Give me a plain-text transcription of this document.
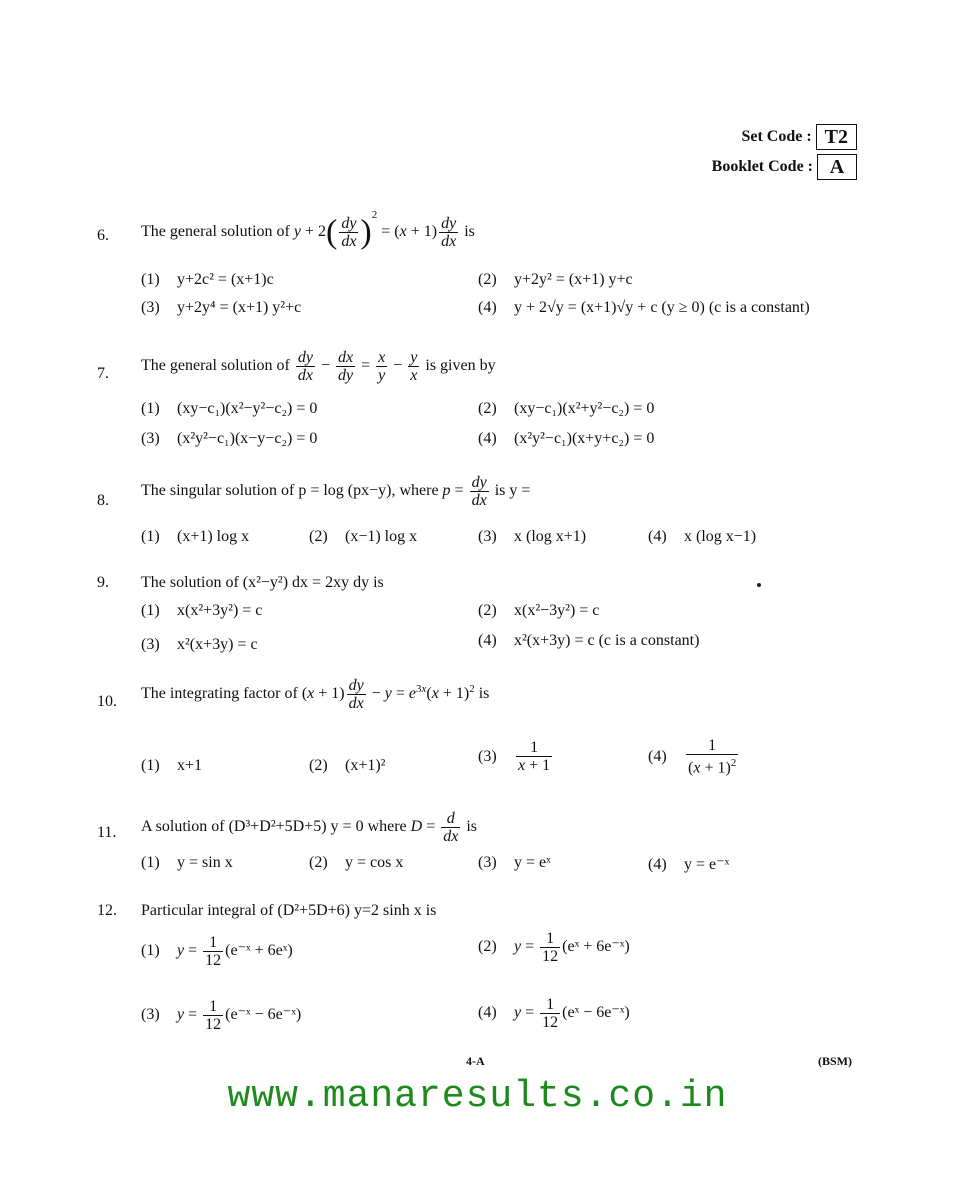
Set Code : T2
Booklet Code : A
6.	The general solution of $y + 2( \frac{dy}{dx} )^2 = (x + 1) \frac{dy}{dx}$ is
(1) y+2c² = (x+1)c	(2) y+2y² = (x+1) y+c
(3) y+2y⁴ = (x+1) y²+c	(4) y + 2√y = (x+1)√y + c (y ≥ 0) (c is a constant)
7.	The general solution of $\frac{dy}{dx} - \frac{dx}{dy} = \frac{x}{y} - \frac{y}{x}$ is given by
(1) (xy−c₁)(x²−y²−c₂) = 0	(2) (xy−c₁)(x²+y²−c₂) = 0
(3) (x²y²−c₁)(x−y−c₂) = 0	(4) (x²y²−c₁)(x+y+c₂) = 0
8.
The singular solution of p = log (px−y), where $p = \frac{dy}{dx}$ is y =
(1) (x+1) log x	(2) (x−1) log x	(3) x (log x+1)	(4) x (log x−1)
9.	The solution of (x²−y²) dx = 2xy dy is
(1) x(x²+3y²) = c	(2) x(x²−3y²) = c
(3) x²(x+3y) = c	(4) x²(x+3y) = c (c is a constant)
10.	The integrating factor of $(x + 1) \frac{dy}{dx} - y = e^{3x}(x + 1)^2$ is
(1) x+1	(2) (x+1)²
$(3) \frac{1}{x + 1}$	$(4) \frac{1}{(x + 1)^2}$
11.	A solution of (D³+D²+5D+5) y = 0 where $D = \frac{d}{dx}$ is
(1) y = sin x	(2) y = cos x	(3) y = eˣ	(4) y = e⁻ˣ
12.	Particular integral of (D²+5D+6) y=2 sinh x is
(1) $y = \frac{1}{12}$ (e⁻ˣ + 6eˣ)	(2) $y = \frac{1}{12}$ (eˣ + 6e⁻ˣ)
(3) $y = \frac{1}{12}$ (e⁻ˣ − 6e⁻ˣ)	(4) $y = \frac{1}{12}$ (eˣ − 6e⁻ˣ)
4-A	(BSM)
www.manaresults.co.in
